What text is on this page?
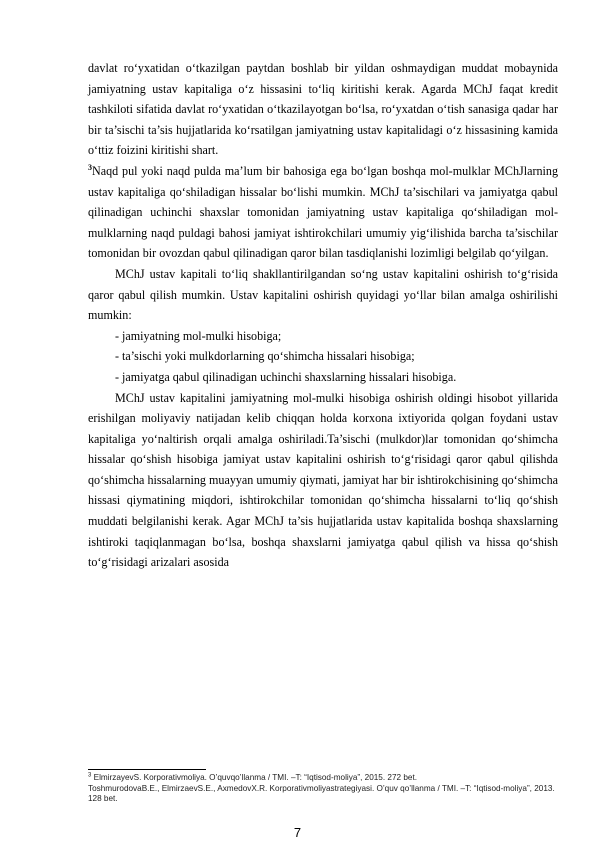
davlat ro‘yxatidan o‘tkazilgan paytdan boshlab bir yildan oshmaydigan muddat mobaynida jamiyatning ustav kapitaliga o‘z hissasini to‘liq kiritishi kerak. Agarda MChJ faqat kredit tashkiloti sifatida davlat ro‘yxatidan o‘tkazilayotgan bo‘lsa, ro‘yxatdan o‘tish sanasiga qadar har bir ta’sischi ta’sis hujjatlarida ko‘rsatilgan jamiyatning ustav kapitalidagi o‘z hissasining kamida o‘ttiz foizini kiritishi shart.
$^3$Naqd pul yoki naqd pulda ma’lum bir bahosiga ega bo‘lgan boshqa mol-mulklar MChJlarning ustav kapitaliga qo‘shiladigan hissalar bo‘lishi mumkin. MChJ ta’sischilari va jamiyatga qabul qilinadigan uchinchi shaxslar tomonidan jamiyatning ustav kapitaliga qo‘shiladigan mol-mulklarning naqd puldagi bahosi jamiyat ishtirokchilari umumiy yig‘ilishida barcha ta’sischilar tomonidan bir ovozdan qabul qilinadigan qaror bilan tasdiqlanishi lozimligi belgilab qo‘yilgan.

MChJ ustav kapitali to‘liq shakllantirilgandan so‘ng ustav kapitalini oshirish to‘g‘risida qaror qabul qilish mumkin. Ustav kapitalini oshirish quyidagi yo‘llar bilan amalga oshirilishi mumkin:

- jamiyatning mol-mulki hisobiga;

- ta’sischi yoki mulkdorlarning qo‘shimcha hissalari hisobiga;

- jamiyatga qabul qilinadigan uchinchi shaxslarning hissalari hisobiga.

MChJ ustav kapitalini jamiyatning mol-mulki hisobiga oshirish oldingi hisobot yillarida erishilgan moliyaviy natijadan kelib chiqqan holda korxona ixtiyorida qolgan foydani ustav kapitaliga yo‘naltirish orqali amalga oshiriladi.Ta’sischi (mulkdor)lar tomonidan qo‘shimcha hissalar qo‘shish hisobiga jamiyat ustav kapitalini oshirish to‘g‘risidagi qaror qabul qilishda qo‘shimcha hissalarning muayyan umumiy qiymati, jamiyat har bir ishtirokchisining qo‘shimcha hissasi qiymatining miqdori, ishtirokchilar tomonidan qo‘shimcha hissalarni to‘liq qo‘shish muddati belgilanishi kerak. Agar MChJ ta’sis hujjatlarida ustav kapitalida boshqa shaxslarning ishtiroki taqiqlanmagan bo‘lsa, boshqa shaxslarni jamiyatga qabul qilish va hissa qo‘shish to‘g‘risidagi arizalari asosida

$^3$ ElmirzayevS. Korporativmoliya. O’quvqo’llanma / TMI. –T: “Iqtisod-moliya”, 2015. 272 bet.

ToshmurodovaB.E., ElmirzaevS.E., AxmedovX.R. Korporativmoliyastrategiyasi. O’quv qo’llanma / TMI. –T: “Iqtisod-moliya”, 2013. 128 bet.

7
